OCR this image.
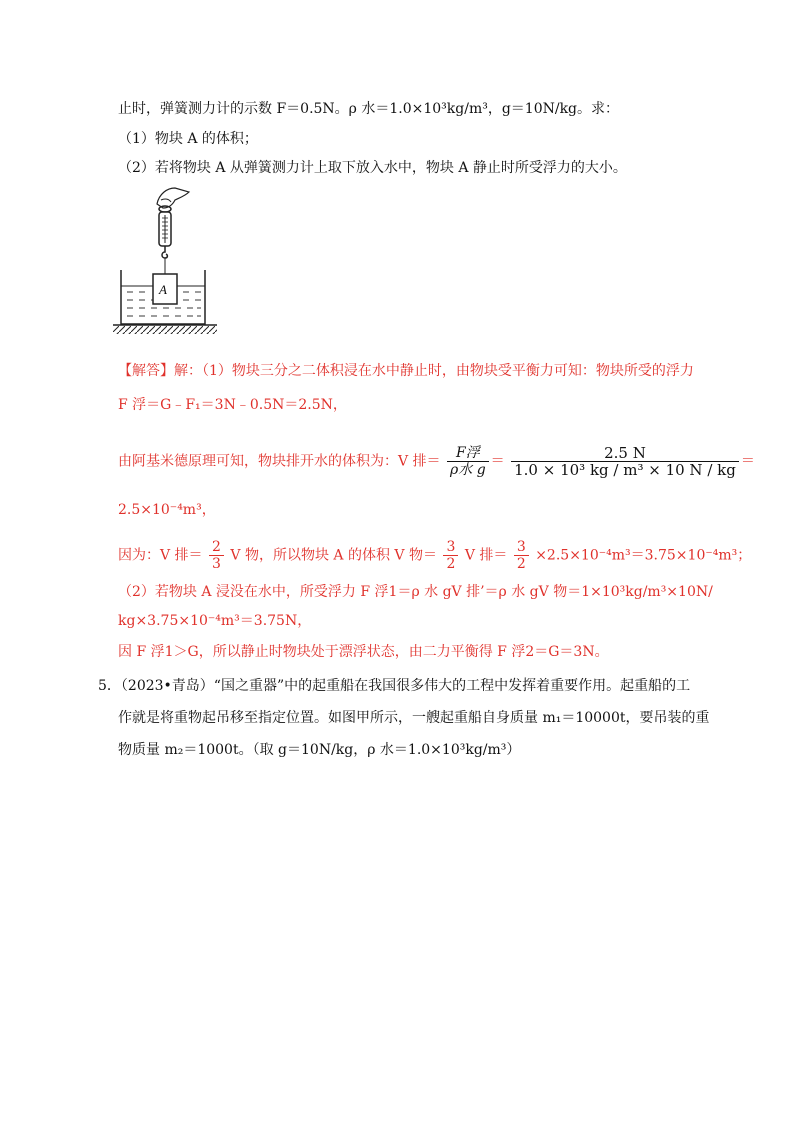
止时，弹簧测力计的示数 F＝0.5N。ρ 水＝1.0×10³kg/m³，g＝10N/kg。求：
（1）物块 A 的体积；
（2）若将物块 A 从弹簧测力计上取下放入水中，物块 A 静止时所受浮力的大小。
A
【解答】解：（1）物块三分之二体积浸在水中静止时，由物块受平衡力可知：物块所受的浮力
F 浮＝G﹣F₁＝3N﹣0.5N＝2.5N，
由阿基米德原理可知，物块排开水的体积为：V 排＝ $\frac{\text{F浮}}{\text{ρ水 g}} = \frac{2.5 N}{\text{1.0 × 10³ kg / m³ × 10 N / kg}}$ ＝
2.5×10⁻⁴m³，
因为：V 排＝ $\frac{2}{3}$ V 物，所以物块 A 的体积 V 物＝ $\frac{3}{2}$ V 排＝ $\frac{3}{2} \times 2.5\times 10^{-4}m^3=3.75\times 10^{-4}m^3$；
（2）若物块 A 浸没在水中，所受浮力 F 浮1＝ρ 水 gV 排’＝ρ 水 gV 物＝1×10³kg/m³×10N/
kg×3.75×10⁻⁴m³＝3.75N，
因 F 浮1＞G，所以静止时物块处于漂浮状态，由二力平衡得 F 浮2＝G＝3N。
5．（2023•青岛）“国之重器”中的起重船在我国很多伟大的工程中发挥着重要作用。起重船的工
作就是将重物起吊移至指定位置。如图甲所示，一艘起重船自身质量 m₁＝10000t，要吊装的重
物质量 m₂＝1000t。（取 g＝10N/kg，ρ 水＝1.0×10³kg/m³）
